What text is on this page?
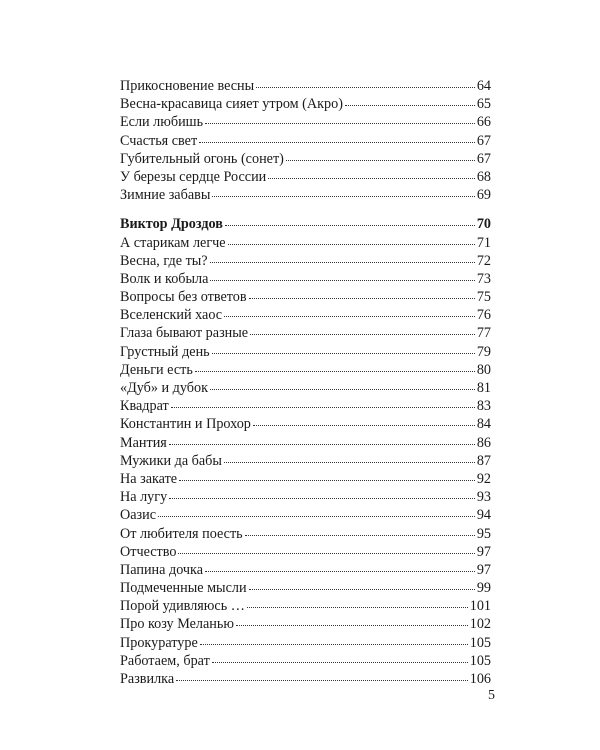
Прикосновение весны	64
Весна-красавица сияет утром (Акро)	65
Если любишь	66
Счастья свет	67
Губительный огонь (сонет)	67
У березы сердце России	68
Зимние забавы	69
Виктор Дроздов	70
А старикам легче	71
Весна, где ты?	72
Волк и кобыла	73
Вопросы без ответов	75
Вселенский хаос	76
Глаза бывают разные	77
Грустный день	79
Деньги есть	80
«Дуб» и дубок	81
Квадрат	83
Константин и Прохор	84
Мантия	86
Мужики да бабы	87
На закате	92
На лугу	93
Оазис	94
От любителя поесть	95
Отчество	97
Папина дочка	97
Подмеченные мысли	99
Порой удивляюсь …	101
Про козу Меланью	102
Прокуратуре	105
Работаем, брат	105
Развилка	106
5
